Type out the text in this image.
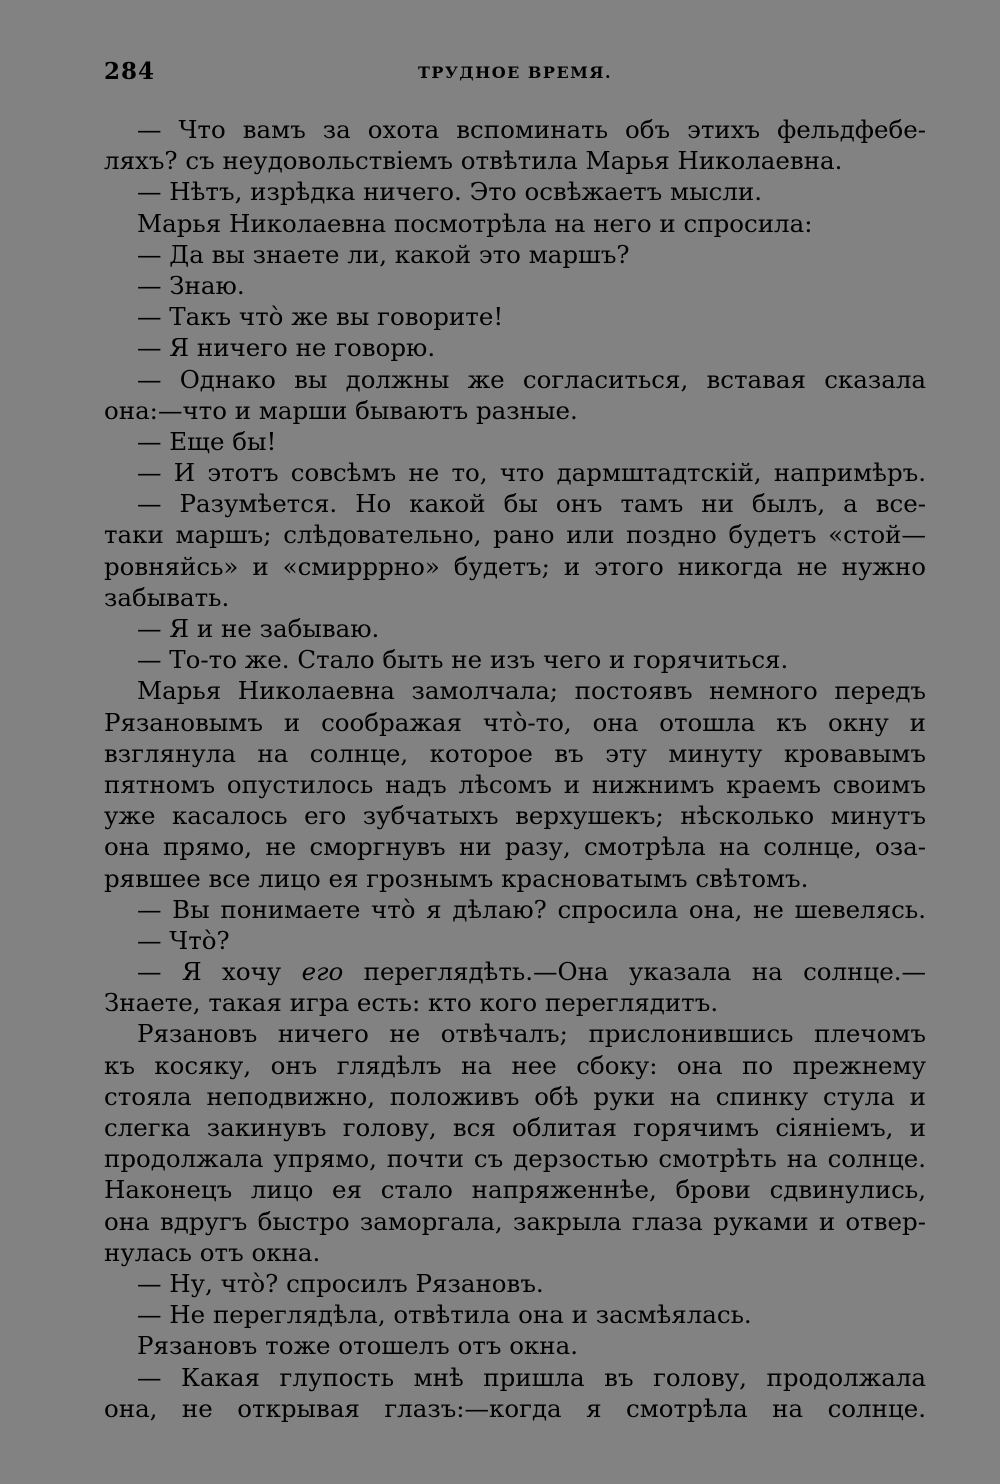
284	ТРУДНОЕ ВРЕМЯ.
— Что вамъ за охота вспоминать объ этихъ фельдфебе-
ляхъ? съ неудовольствіемъ отвѣтила Марья Николаевна.
— Нѣтъ, изрѣдка ничего. Это освѣжаетъ мысли.
Марья Николаевна посмотрѣла на него и спросила:
— Да вы знаете ли, какой это маршъ?
— Знаю.
— Такъ что̀ же вы говорите!
— Я ничего не говорю.
— Однако вы должны же согласиться, вставая сказала
она:—что и марши бываютъ разные.
— Еще бы!
— И этотъ совсѣмъ не то, что дармштадтскій, напримѣръ.
— Разумѣется. Но какой бы онъ тамъ ни былъ, а все-
таки маршъ; слѣдовательно, рано или поздно будетъ «стой—
ровняйсь» и «смирррно» будетъ; и этого никогда не нужно
забывать.
— Я и не забываю.
— То-то же. Стало быть не изъ чего и горячиться.
Марья Николаевна замолчала; постоявъ немного передъ
Рязановымъ и соображая что̀-то, она отошла къ окну и
взглянула на солнце, которое въ эту минуту кровавымъ
пятномъ опустилось надъ лѣсомъ и нижнимъ краемъ своимъ
уже касалось его зубчатыхъ верхушекъ; нѣсколько минутъ
она прямо, не сморгнувъ ни разу, смотрѣла на солнце, оза-
рявшее все лицо ея грознымъ красноватымъ свѣтомъ.
— Вы понимаете что̀ я дѣлаю? спросила она, не шевелясь.
— Что̀?
— Я хочу его переглядѣть.—Она указала на солнце.—
Знаете, такая игра есть: кто кого переглядитъ.
Рязановъ ничего не отвѣчалъ; прислонившись плечомъ
къ косяку, онъ глядѣлъ на нее сбоку: она по прежнему
стояла неподвижно, положивъ обѣ руки на спинку стула и
слегка закинувъ голову, вся облитая горячимъ сіяніемъ, и
продолжала упрямо, почти съ дерзостью смотрѣть на солнце.
Наконецъ лицо ея стало напряженнѣе, брови сдвинулись,
она вдругъ быстро заморгала, закрыла глаза руками и отвер-
нулась отъ окна.
— Ну, что̀? спросилъ Рязановъ.
— Не переглядѣла, отвѣтила она и засмѣялась.
Рязановъ тоже отошелъ отъ окна.
— Какая глупость мнѣ пришла въ голову, продолжала
она, не открывая глазъ:—когда я смотрѣла на солнце.
